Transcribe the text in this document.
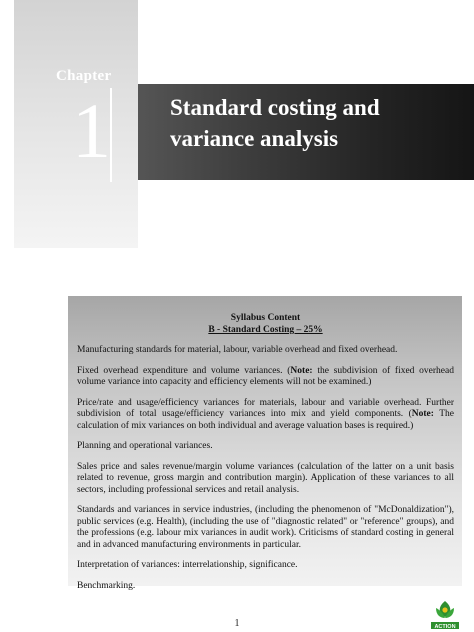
Chapter
1	Standard costing and
variance analysis
Syllabus Content
B - Standard Costing – 25%

Manufacturing standards for material, labour, variable overhead and fixed overhead.

Fixed overhead expenditure and volume variances. (Note: the subdivision of fixed overhead volume variance into capacity and efficiency elements will not be examined.)

Price/rate and usage/efficiency variances for materials, labour and variable overhead. Further subdivision of total usage/efficiency variances into mix and yield components. (Note: The calculation of mix variances on both individual and average valuation bases is required.)

Planning and operational variances.

Sales price and sales revenue/margin volume variances (calculation of the latter on a unit basis related to revenue, gross margin and contribution margin). Application of these variances to all sectors, including professional services and retail analysis.

Standards and variances in service industries, (including the phenomenon of "McDonaldization"), public services (e.g. Health), (including the use of "diagnostic related" or "reference" groups), and the professions (e.g. labour mix variances in audit work). Criticisms of standard costing in general and in advanced manufacturing environments in particular.

Interpretation of variances: interrelationship, significance.

Benchmarking.

1	ACTION
